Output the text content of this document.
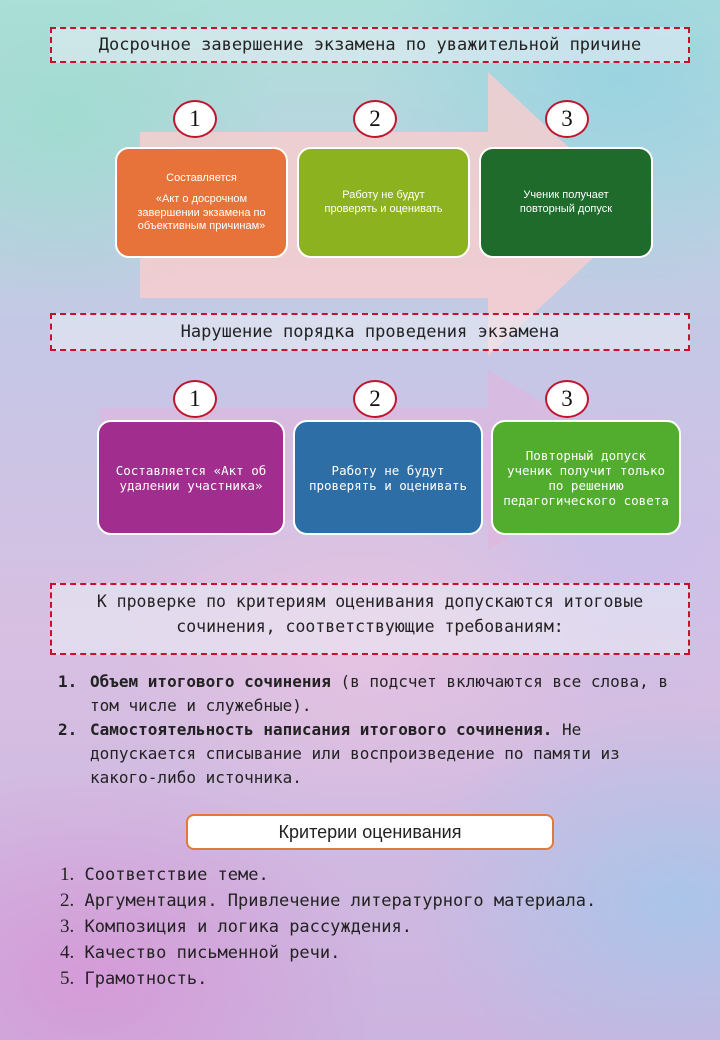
Досрочное завершение экзамена по уважительной причине
1	2	3
Составляется
«Акт о досрочном завершении экзамена по объективным причинам»
Работу не будут проверять и оценивать
Ученик получает повторный допуск
Нарушение порядка проведения экзамена
1	2	3
Составляется «Акт об удалении участника»
Работу не будут проверять и оценивать
Повторный допуск ученик получит только по решению педагогического совета
К проверке по критериям оценивания допускаются итоговые сочинения, соответствующие требованиям:
1. Объем итогового сочинения (в подсчет включаются все слова, в том числе и служебные).
2. Самостоятельность написания итогового сочинения. Не допускается списывание или воспроизведение по памяти из какого-либо источника.
Критерии оценивания
1. Соответствие теме.
2. Аргументация. Привлечение литературного материала.
3. Композиция и логика рассуждения.
4. Качество письменной речи.
5. Грамотность.
